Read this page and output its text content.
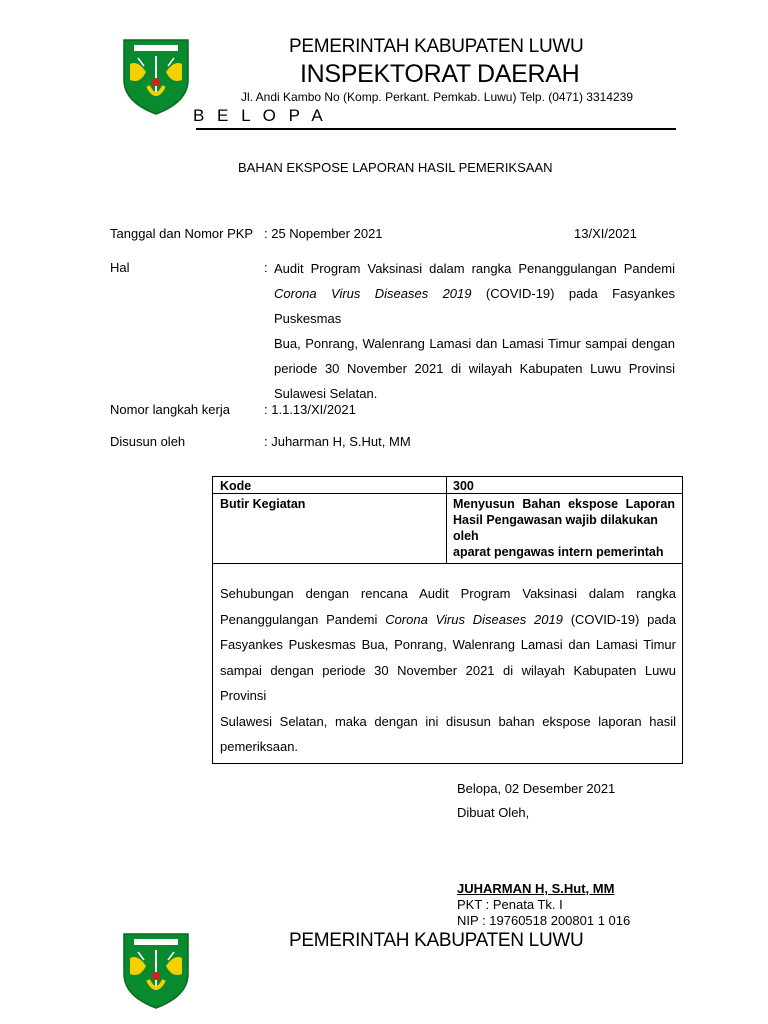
PEMERINTAH KABUPATEN LUWU
INSPEKTORAT DAERAH
Jl. Andi Kambo No (Komp. Perkant. Pemkab. Luwu) Telp. (0471) 3314239
B E L O P A
BAHAN EKSPOSE LAPORAN HASIL PEMERIKSAAN
Tanggal dan Nomor PKP : 25 Nopember 2021	13/XI/2021
Hal	: Audit Program Vaksinasi dalam rangka Penanggulangan Pandemi
Corona Virus Diseases 2019 (COVID-19) pada Fasyankes Puskesmas
Bua, Ponrang, Walenrang Lamasi dan Lamasi Timur sampai dengan
periode 30 November 2021 di wilayah Kabupaten Luwu Provinsi
Sulawesi Selatan.
Nomor langkah kerja	: 1.1.13/XI/2021
Disusun oleh	: Juharman H, S.Hut, MM
Kode	300
Butir Kegiatan	Menyusun Bahan ekspose Laporan
Hasil Pengawasan wajib dilakukan oleh
aparat pengawas intern pemerintah
Sehubungan dengan rencana Audit Program Vaksinasi dalam rangka
Penanggulangan Pandemi Corona Virus Diseases 2019 (COVID-19) pada
Fasyankes Puskesmas Bua, Ponrang, Walenrang Lamasi dan Lamasi Timur
sampai dengan periode 30 November 2021 di wilayah Kabupaten Luwu Provinsi
Sulawesi Selatan, maka dengan ini disusun bahan ekspose laporan hasil
pemeriksaan.
Belopa, 02 Desember 2021
Dibuat Oleh,
JUHARMAN H, S.Hut, MM
PKT : Penata Tk. I
NIP : 19760518 200801 1 016
PEMERINTAH KABUPATEN LUWU
